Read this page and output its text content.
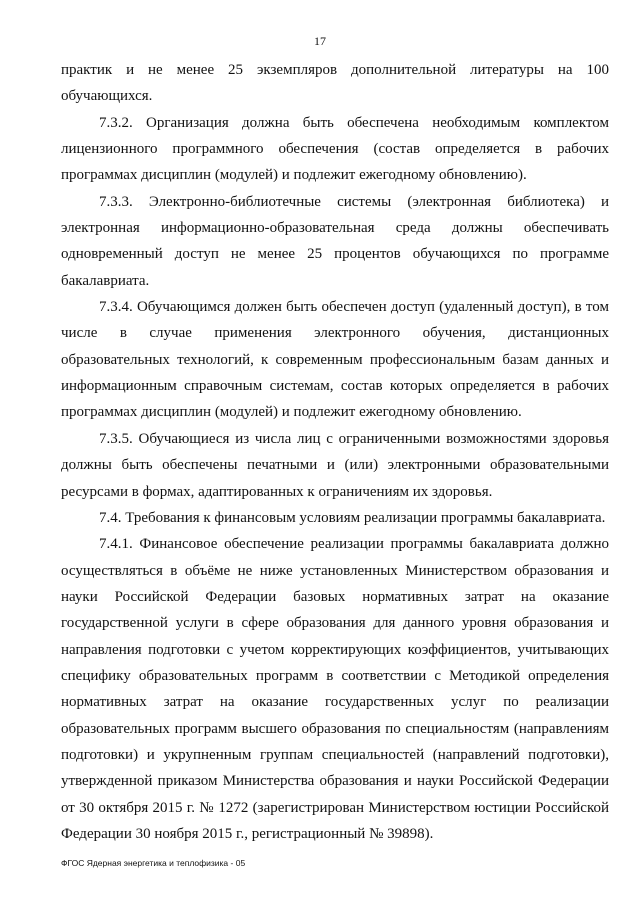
17

практик и не менее 25 экземпляров дополнительной литературы на 100 обучающихся.

7.3.2. Организация должна быть обеспечена необходимым комплектом лицензионного программного обеспечения (состав определяется в рабочих программах дисциплин (модулей) и подлежит ежегодному обновлению).

7.3.3. Электронно-библиотечные системы (электронная библиотека) и электронная информационно-образовательная среда должны обеспечивать одновременный доступ не менее 25 процентов обучающихся по программе бакалавриата.

7.3.4. Обучающимся должен быть обеспечен доступ (удаленный доступ), в том числе в случае применения электронного обучения, дистанционных образовательных технологий, к современным профессиональным базам данных и информационным справочным системам, состав которых определяется в рабочих программах дисциплин (модулей) и подлежит ежегодному обновлению.

7.3.5. Обучающиеся из числа лиц с ограниченными возможностями здоровья должны быть обеспечены печатными и (или) электронными образовательными ресурсами в формах, адаптированных к ограничениям их здоровья.

7.4. Требования к финансовым условиям реализации программы бакалавриата.

7.4.1. Финансовое обеспечение реализации программы бакалавриата должно осуществляться в объёме не ниже установленных Министерством образования и науки Российской Федерации базовых нормативных затрат на оказание государственной услуги в сфере образования для данного уровня образования и направления подготовки с учетом корректирующих коэффициентов, учитывающих специфику образовательных программ в соответствии с Методикой определения нормативных затрат на оказание государственных услуг по реализации образовательных программ высшего образования по специальностям (направлениям подготовки) и укрупненным группам специальностей (направлений подготовки), утвержденной приказом Министерства образования и науки Российской Федерации от 30 октября 2015 г. № 1272 (зарегистрирован Министерством юстиции Российской Федерации 30 ноября 2015 г., регистрационный № 39898).

ФГОС Ядерная энергетика и теплофизика - 05
